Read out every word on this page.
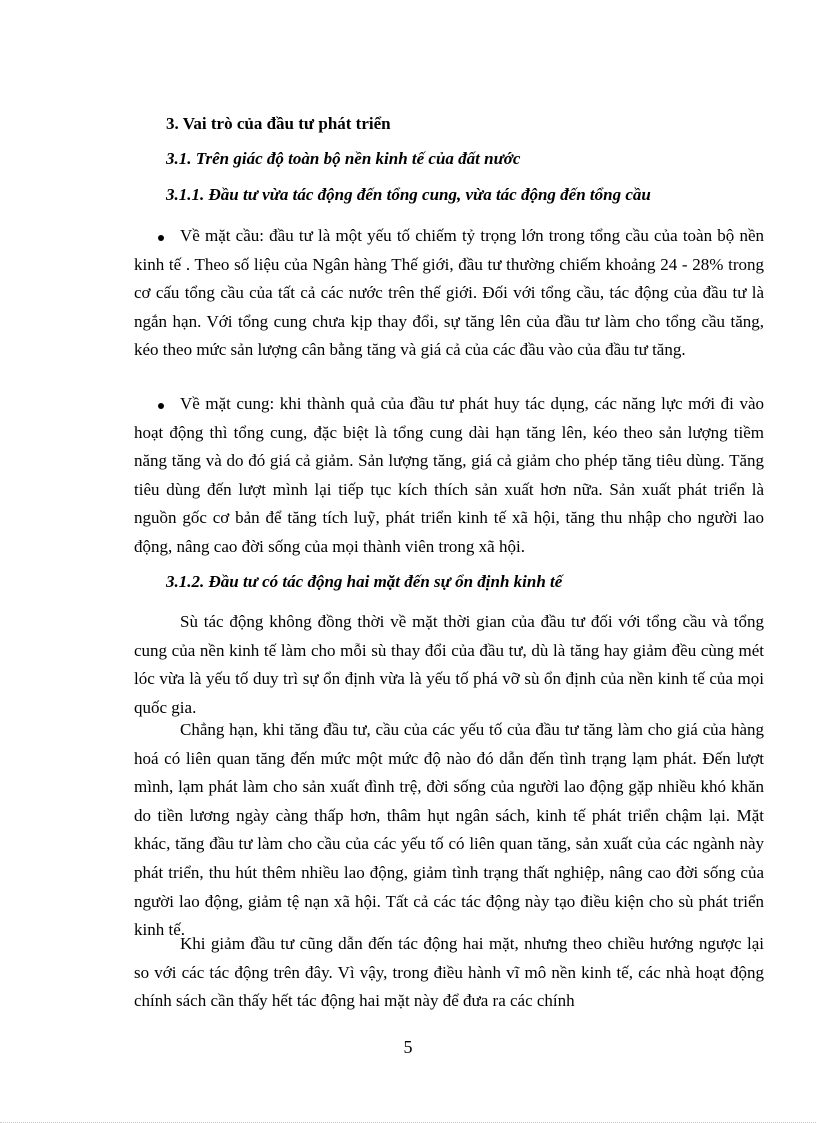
3. Vai trò của đầu tư phát triển
3.1. Trên giác độ toàn bộ nền kinh tế của đất nước
3.1.1. Đầu tư vừa tác động đến tổng cung, vừa tác động đến tổng cầu

Về mặt cầu: đầu tư là một yếu tố chiếm tỷ trọng lớn trong tổng cầu của toàn bộ nền kinh tế . Theo số liệu của Ngân hàng Thế giới, đầu tư thường chiếm khoảng 24 - 28% trong cơ cấu tổng cầu của tất cả các nước trên thế giới. Đối với tổng cầu, tác động của đầu tư là ngắn hạn. Với tổng cung chưa kịp thay đổi, sự tăng lên của đầu tư làm cho tổng cầu tăng, kéo theo mức sản lượng cân bằng tăng và giá cả của các đầu vào của đầu tư tăng.

Về mặt cung: khi thành quả của đầu tư phát huy tác dụng, các năng lực mới đi vào hoạt động thì tổng cung, đặc biệt là tổng cung dài hạn tăng lên, kéo theo sản lượng tiềm năng tăng và do đó giá cả giảm. Sản lượng tăng, giá cả giảm cho phép tăng tiêu dùng. Tăng tiêu dùng đến lượt mình lại tiếp tục kích thích sản xuất hơn nữa. Sản xuất phát triển là nguồn gốc cơ bản để tăng tích luỹ, phát triển kinh tế xã hội, tăng thu nhập cho người lao động, nâng cao đời sống của mọi thành viên trong xã hội.

3.1.2. Đầu tư có tác động hai mặt đến sự ổn định kinh tế

Sù tác động không đồng thời về mặt thời gian của đầu tư đối với tổng cầu và tổng cung của nền kinh tế làm cho mỗi sù thay đổi của đầu tư, dù là tăng hay giảm đều cùng mét lóc vừa là yếu tố duy trì sự ổn định vừa là yếu tố phá vỡ sù ổn định của nền kinh tế của mọi quốc gia.

Chẳng hạn, khi tăng đầu tư, cầu của các yếu tố của đầu tư tăng làm cho giá của hàng hoá có liên quan tăng đến mức một mức độ nào đó dẫn đến tình trạng lạm phát. Đến lượt mình, lạm phát làm cho sản xuất đình trệ, đời sống của người lao động gặp nhiều khó khăn do tiền lương ngày càng thấp hơn, thâm hụt ngân sách, kinh tế phát triển chậm lại. Mặt khác, tăng đầu tư làm cho cầu của các yếu tố có liên quan tăng, sản xuất của các ngành này phát triển, thu hút thêm nhiều lao động, giảm tình trạng thất nghiệp, nâng cao đời sống của người lao động, giảm tệ nạn xã hội. Tất cả các tác động này tạo điều kiện cho sù phát triển kinh tế.

Khi giảm đầu tư cũng dẫn đến tác động hai mặt, nhưng theo chiều hướng ngược lại so với các tác động trên đây. Vì vậy, trong điều hành vĩ mô nền kinh tế, các nhà hoạt động chính sách cần thấy hết tác động hai mặt này để đưa ra các chính

5
